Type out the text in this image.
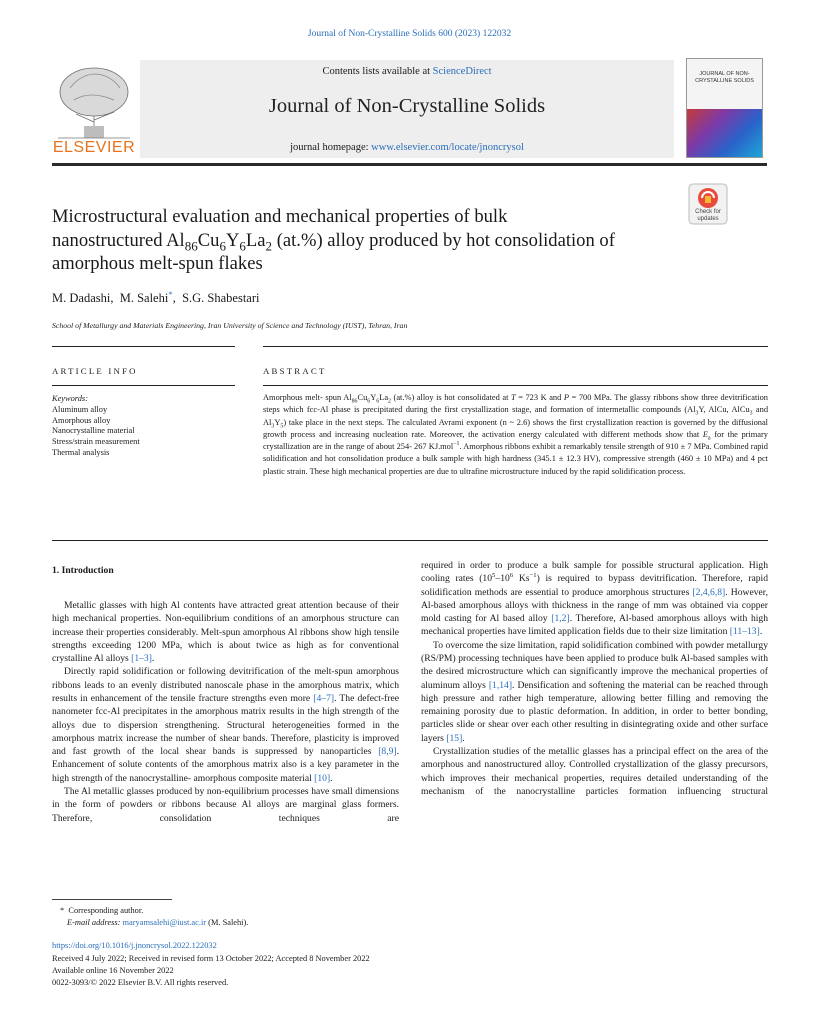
Journal of Non-Crystalline Solids 600 (2023) 122032
ELSEVIER
Contents lists available at ScienceDirect
Journal of Non-Crystalline Solids
journal homepage: www.elsevier.com/locate/jnoncrysol
JOURNAL OF NON-CRYSTALLINE SOLIDS
Check for updates
Microstructural evaluation and mechanical properties of bulk
nanostructured $Al_{86}Cu_6Y_6La_2$ (at.%) alloy produced by hot consolidation of
amorphous melt-spun flakes
M. Dadashi,  M. Salehi*,  S.G. Shabestari
School of Metallurgy and Materials Engineering, Iran University of Science and Technology (IUST), Tehran, Iran
ARTICLE INFO	ABSTRACT
Keywords:
Aluminum alloy
Amorphous alloy
Nanocrystalline material
Stress/strain measurement
Thermal analysis
Amorphous melt- spun $Al_{86}Cu_6Y_6La_2$ (at.%) alloy is hot consolidated at T = 723 K and P = 700 MPa. The glassy ribbons show three devitrification steps which fcc-Al phase is precipitated during the first crystallization stage, and formation of intermetallic compounds ($Al_3Y$, AlCu, AlCu$_3$ and $Al_3Y_5$) take place in the next steps. The calculated Avrami exponent (n ~ 2.6) shows the first crystallization reaction is governed by the diffusional growth process and increasing nucleation rate. Moreover, the activation energy calculated with different methods show that $E_a$ for the primary crystallization are in the range of about 254- 267 KJ.mol$^{-1}$. Amorphous ribbons exhibit a remarkably tensile strength of 910 ± 7 MPa. Combined rapid solidification and hot consolidation produce a bulk sample with high hardness (345.1 ± 12.3 HV), compressive strength (460 ± 10 MPa) and 4 pct plastic strain. These high mechanical properties are due to ultrafine microstructure induced by the rapid solidification process.
1. Introduction

Metallic glasses with high Al contents have attracted great attention because of their high mechanical properties. Non-equilibrium conditions of an amorphous structure can increase their properties considerably. Melt-spun amorphous Al ribbons show high tensile strengths exceeding 1200 MPa, which is about twice as high as for conventional crystalline Al alloys [1–3].

Directly rapid solidification or following devitrification of the melt-spun amorphous ribbons leads to an evenly distributed nanoscale phase in the amorphous matrix, which results in enhancement of the tensile fracture strengths even more [4–7]. The defect-free nanometer fcc-Al precipitates in the amorphous matrix results in the high strength of the alloys due to dispersion strengthening. Structural heterogeneities formed in the amorphous matrix increase the number of shear bands. Therefore, plasticity is improved and fast growth of the local shear bands is suppressed by nanoparticles [8,9]. Enhancement of solute contents of the amorphous matrix also is a key parameter in the high strength of the nanocrystalline- amorphous composite material [10].

The Al metallic glasses produced by non-equilibrium processes have small dimensions in the form of powders or ribbons because Al alloys are marginal glass formers. Therefore, consolidation techniques are

required in order to produce a bulk sample for possible structural application. High cooling rates ($10^5-10^6$ $Ks^{-1}$) is required to bypass devitrification. Therefore, rapid solidification methods are essential to produce amorphous structures [2,4,6,8]. However, Al-based amorphous alloys with thickness in the range of mm was obtained via copper mold casting for Al based alloy [1,2]. Therefore, Al-based amorphous alloys with high mechanical properties have limited application fields due to their size limitation [11–13].

To overcome the size limitation, rapid solidification combined with powder metallurgy (RS/PM) processing techniques have been applied to produce bulk Al-based samples with the desired microstructure which can significantly improve the mechanical properties of aluminum alloys [1,14]. Densification and softening the material can be reached through high pressure and rather high temperature, allowing better filling and removing the remaining porosity due to plastic deformation. In addition, in order to better bonding, particles slide or shear over each other resulting in disintegrating oxide and other surface layers [15].

Crystallization studies of the metallic glasses has a principal effect on the area of the amorphous and nanostructured alloy. Controlled crystallization of the glassy precursors, which improves their mechanical properties, requires detailed understanding of the mechanism of the nanocrystalline particles formation influencing structural

* Corresponding author.
E-mail address: maryamsalehi@iust.ac.ir (M. Salehi).
https://doi.org/10.1016/j.jnoncrysol.2022.122032
Received 4 July 2022; Received in revised form 13 October 2022; Accepted 8 November 2022
Available online 16 November 2022
0022-3093/© 2022 Elsevier B.V. All rights reserved.
